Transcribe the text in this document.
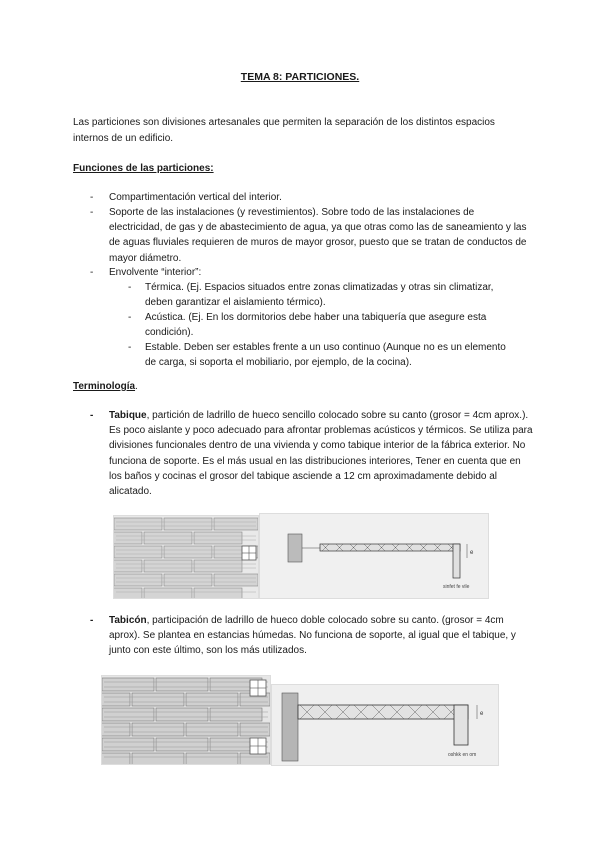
TEMA 8: PARTICIONES.
Las particiones son divisiones artesanales que permiten la separación de los distintos espacios internos de un edificio.
Funciones de las particiones:
-	Compartimentación vertical del interior.
-	Soporte de las instalaciones (y revestimientos). Sobre todo de las instalaciones de electricidad, de gas y de abastecimiento de agua, ya que otras como las de saneamiento y las de aguas fluviales requieren de muros de mayor grosor, puesto que se tratan de conductos de mayor diámetro.
-	Envolvente “interior”:
-	Térmica. (Ej. Espacios situados entre zonas climatizadas y otras sin climatizar, deben garantizar el aislamiento térmico).
-	Acústica. (Ej. En los dormitorios debe haber una tabiquería que asegure esta condición).
-	Estable. Deben ser estables frente a un uso continuo (Aunque no es un elemento de carga, si soporta el mobiliario, por ejemplo, de la cocina).
Terminología.
-	Tabique, partición de ladrillo de hueco sencillo colocado sobre su canto (grosor = 4cm aprox.). Es poco aislante y poco adecuado para afrontar problemas acústicos y térmicos. Se utiliza para divisiones funcionales dentro de una vivienda y como tabique interior de la fábrica exterior. No funciona de soporte. Es el más usual en las distribuciones interiores, Tener en cuenta que en los baños y cocinas el grosor del tabique asciende a 12 cm aproximadamente debido al alicatado.
e
sinfet fe vile
-	Tabicón, participación de ladrillo de hueco doble colocado sobre su canto. (grosor = 4cm aprox). Se plantea en estancias húmedas. No funciona de soporte, al igual que el tabique, y junto con este último, son los más utilizados.
e
oshkk en om
